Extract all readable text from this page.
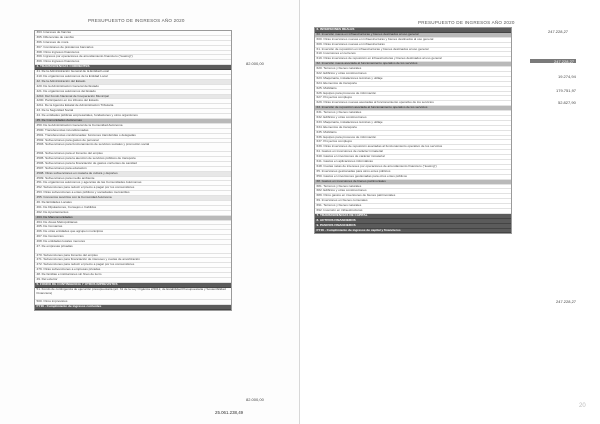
PRESUPUESTO DE INGRESOS AÑO 2020
363. Intereses de fianzas
365. Diferencias de cambio
366. Intereses de mora
367. Comisiones de préstamos bancarios
368. Otros ingresos financieros
369. Ingresos por operaciones de arrendamiento financiero ("leasing")
369. Otros ingresos financieros
4. TRANSFERENCIAS CORRIENTES
41. De la Administración General de la Entidad Local
410. De organismos autónomos de la Entidad Local
42. De la Administración del Estado
420. De la Administración General del Estado
421. De organismos autónomos del Estado
4210. Del Fondo Nacional de Cooperación Municipal
4200. Participación en los tributos del Estado
4211. De la Agencia Estatal de Administración Tributaria
43. De la Seguridad Social
44. De entidades públicas empresariales, fundaciones y otros organismos
45. De Comunidades Autónomas
450. De la Administración General de la Comunidad Autónoma
4500. Transferencias incondicionadas
4501. Transferencias condicionadas: funciones transferidas o delegadas
4502. Subvenciones para gastos de personal
4503. Subvenciones para funcionamiento de servicios sociales y promoción social
4504. Subvenciones para el fomento del empleo
4505. Subvenciones para la atención de servicios públicos de transporte
4506. Subvenciones para la financiación de gastos corrientes de sanidad
4507. Subvenciones para educación
4508. Otras subvenciones en materia de cultura y deportes
4509. Subvenciones para medio ambiente
451. De organismos autónomos y agencias de las Comunidades Autónomas
452. Subvenciones para reducir el precio a pagar por los consumidores
453. Otras subvenciones a entes públicos y sociedades mercantiles
455. Convenios suscritos con la Comunidad Autónoma
46. De Entidades Locales
461. De Diputaciones, Consejos o Cabildos
462. De Ayuntamientos
463. De Mancomunidades
464. De Áreas Metropolitanas
465. De Comarcas
466. De otras entidades que agrupen municipios
467. De Consorcios
468. De entidades locales menores
47. De empresas privadas
470. Subvenciones para fomento del empleo
471. Subvenciones para financiación de intereses y cuotas de amortización
472. Subvenciones para reducir el precio a pagar por los consumidores
479. Otras subvenciones a empresas privadas
48. De familias e instituciones sin fines de lucro
49. Del exterior
5. FONDO DE CONTINGENCIA Y OTROS IMPREVISTOS
51. Fondo de contingencia de ejecución presupuestaria (art. 31 de la Ley Orgánica 2/2012, de Estabilidad Presupuestaria y Sostenibilidad Financiera)
500. Otros imprevistos
FY16 - Cumplimiento de ingresos corrientes
82.000,00
82.000,00
25.061.238,49
PRESUPUESTO DE INGRESOS AÑO 2020
6. INVERSIONES REALES
60. Inversión nueva en infraestructuras y bienes destinados al uso general
600. Otras inversiones nuevas en infraestructuras y bienes destinados al uso general
609. Otras inversiones nuevas en infraestructuras
61. Inversión de reposición en infraestructuras y bienes destinados al uso general
610. Inversiones en terrenos
619. Otras inversiones de reposición en infraestructuras y bienes destinados al uso general
62. Inversión nueva asociada al funcionamiento operativo de los servicios
620. Terrenos y bienes naturales
622. Edificios y otras construcciones
623. Maquinaria, instalaciones técnicas y utillaje
624. Elementos de transporte
625. Mobiliario
626. Equipos para procesos de información
627. Proyectos complejos
629. Otras inversiones nuevas asociadas al funcionamiento operativo de los servicios
63. Inversión de reposición asociada al funcionamiento operativo de los servicios
631. Terrenos y bienes naturales
632. Edificios y otras construcciones
633. Maquinaria, instalaciones técnicas y utillaje
634. Elementos de transporte
635. Mobiliario
636. Equipos para procesos de información
637. Proyectos complejos
639. Otras inversiones de reposición asociadas al funcionamiento operativo de los servicios
64. Gastos en inversiones de carácter inmaterial
640. Gastos en inversiones de carácter inmaterial
641. Gastos en aplicaciones informáticas
648. Cuotas netas de intereses por operaciones de arrendamiento financiero ("leasing")
65. Inversiones gestionadas para otros entes públicos
650. Gastos en inversiones gestionadas para otros entes públicos
68. Gastos en inversiones de bienes patrimoniales
681. Terrenos y bienes naturales
682. Edificios y otras construcciones
689. Otros gastos en inversiones de bienes patrimoniales
69. Inversiones en bienes comunales
691. Terrenos y bienes naturales
692. Inversión en infraestructuras
7. TRANSFERENCIAS DE CAPITAL
8. ACTIVOS FINANCIEROS
9. PASIVOS FINANCIEROS
FY16 - Cumplimiento de ingresos de capital y financieros
247.228,27
247.228,27
19.274,94
179.751,97
52.827,90
247.228,27
20
